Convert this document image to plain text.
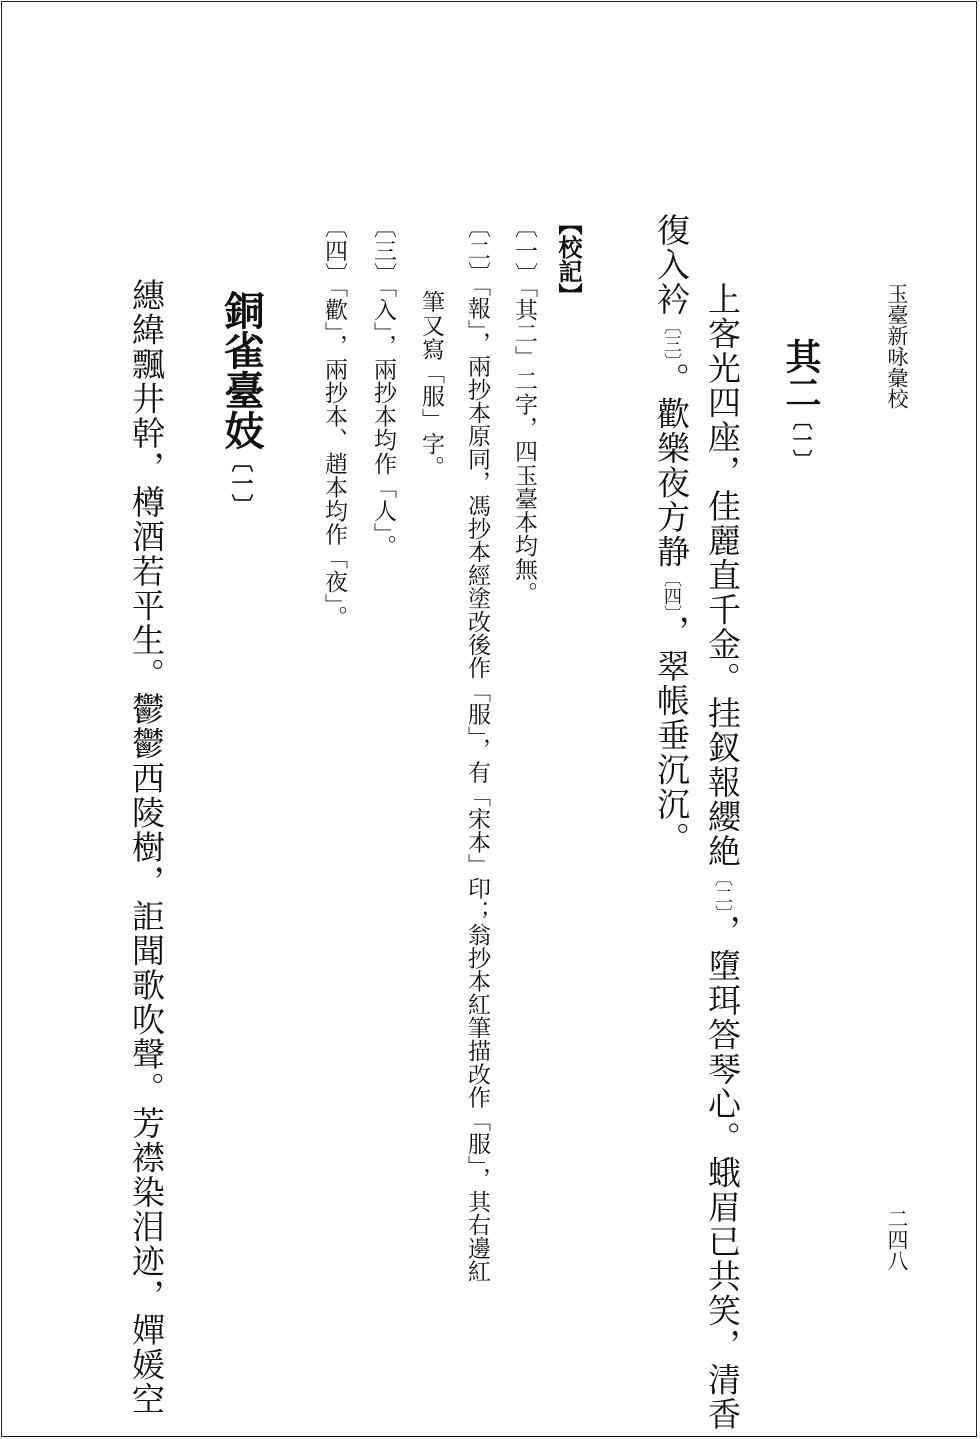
玉臺新咏彙校
二四八
其二〔一〕
上客光四座，佳麗直千金。挂釵報纓絶〔二〕，墮珥答琴心。蛾眉已共笑，清香
復入衿〔三〕。歡樂夜方静〔四〕，翠帳垂沉沉。
【校記】
〔一〕「其二」二字，四玉臺本均無。
〔二〕「報」，兩抄本原同，馮抄本經塗改後作「服」，有「宋本」印；翁抄本紅筆描改作「服」，其右邊紅
筆又寫「服」字。
〔三〕「入」，兩抄本均作「人」。
〔四〕「歡」，兩抄本、趙本均作「夜」。
銅雀臺妓〔一〕
繐緯飄井幹，樽酒若平生。鬱鬱西陵樹，詎聞歌吹聲。芳襟染泪迹，嬋媛空
